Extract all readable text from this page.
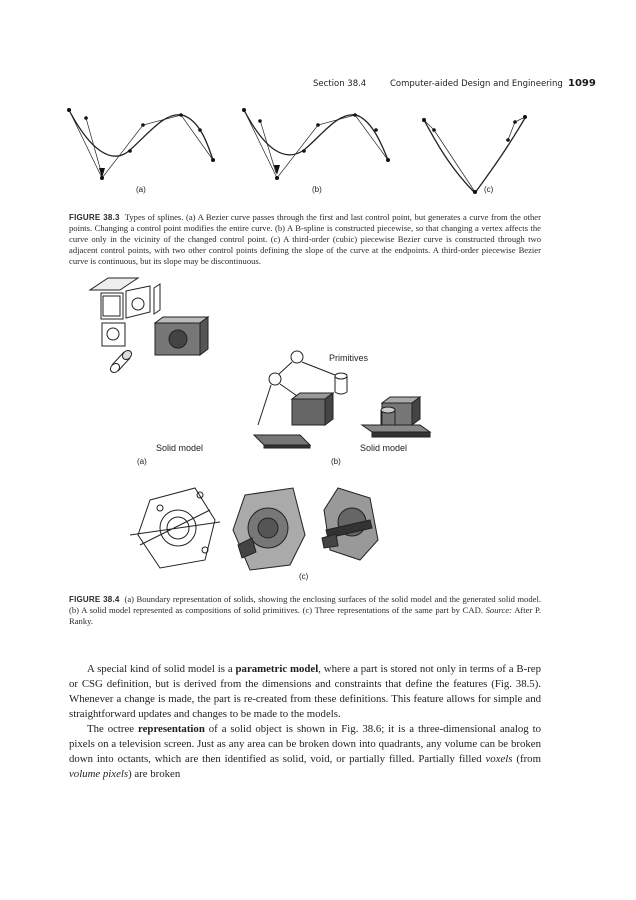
Section 38.4	Computer-aided Design and Engineering 1099
(a)	(b)	(c)
FIGURE 38.3 Types of splines. (a) A Bezier curve passes through the first and last control point, but generates a curve from the other points. Changing a control point modifies the entire curve. (b) A B-spline is constructed piecewise, so that changing a vertex affects the curve only in the vicinity of the changed control point. (c) A third-order (cubic) piecewise Bezier curve is constructed through two adjacent control points, with two other control points defining the slope of the curve at the endpoints. A third-order piecewise Bezier curve is continuous, but its slope may be discontinuous.
Primitives
Solid model	Solid model
(a)	(b)
(c)
FIGURE 38.4 (a) Boundary representation of solids, showing the enclosing surfaces of the solid model and the generated solid model. (b) A solid model represented as compositions of solid primitives. (c) Three representations of the same part by CAD. Source: After P. Ranky.

A special kind of solid model is a parametric model, where a part is stored not only in terms of a B-rep or CSG definition, but is derived from the dimensions and constraints that define the features (Fig. 38.5). Whenever a change is made, the part is re-created from these definitions. This feature allows for simple and straightforward updates and changes to be made to the models.

The octree representation of a solid object is shown in Fig. 38.6; it is a three-dimensional analog to pixels on a television screen. Just as any area can be broken down into quadrants, any volume can be broken down into octants, which are then identified as solid, void, or partially filled. Partially filled voxels (from volume pixels) are broken
